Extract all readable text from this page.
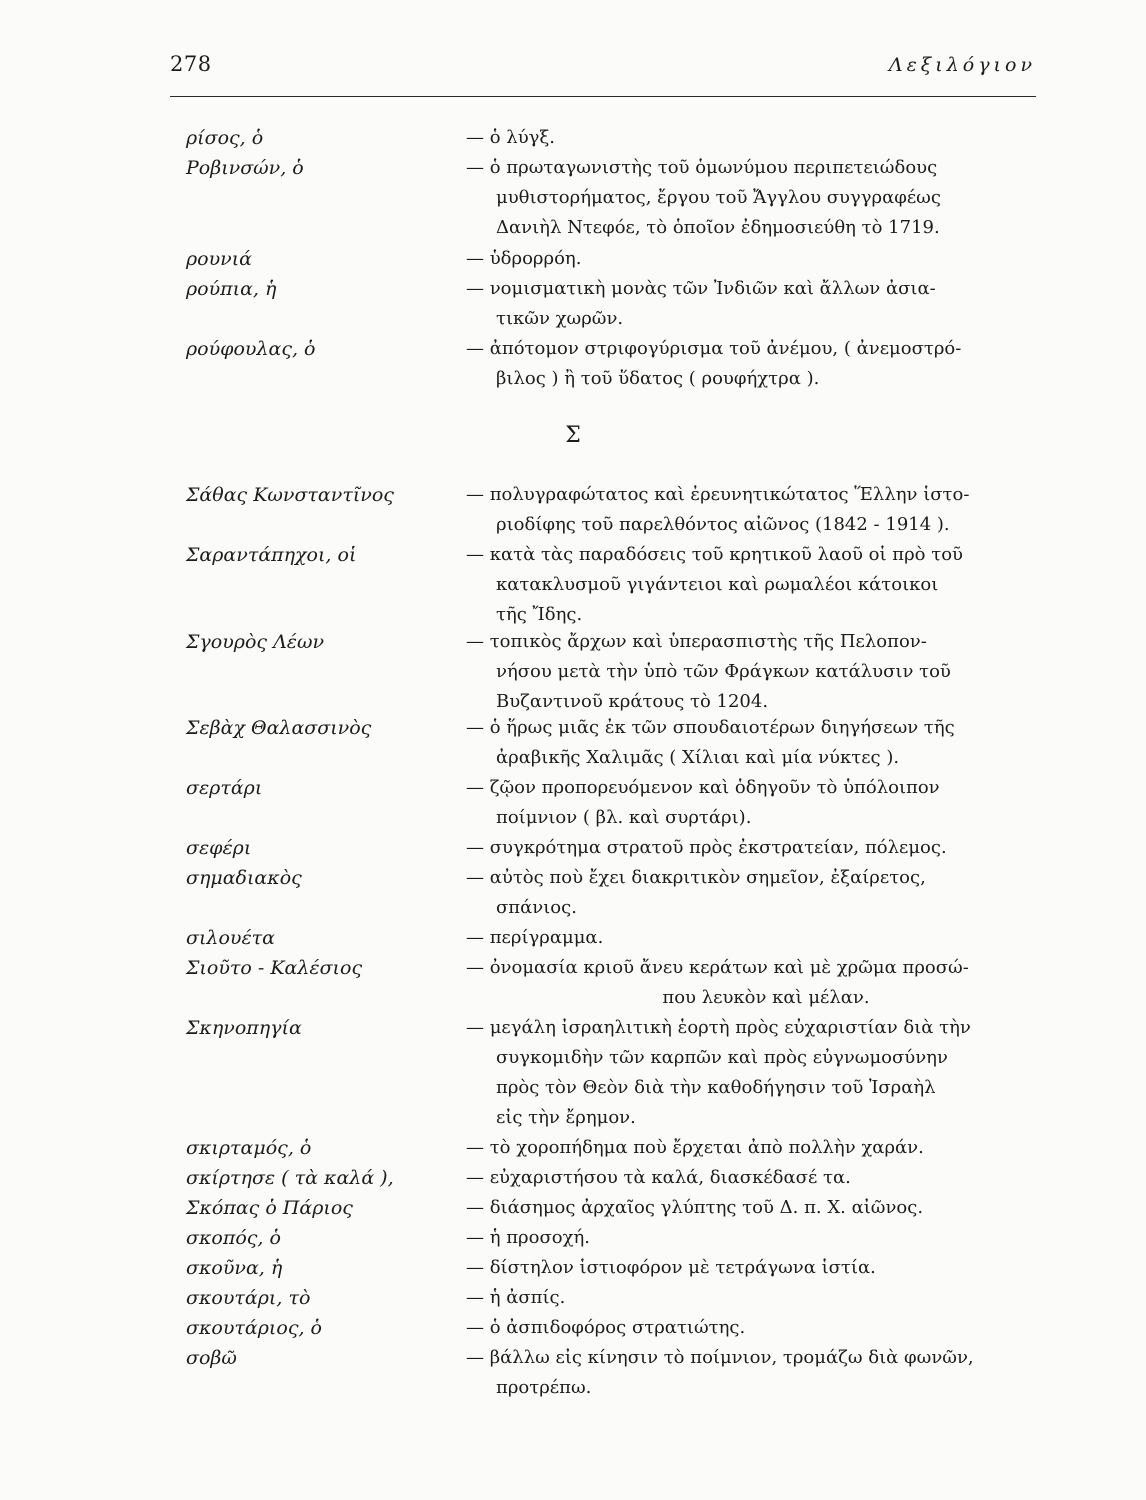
278	Λεξιλόγιον
Σ
ρίσος, ὁ	— ὁ λύγξ.
Ροβινσών, ὁ	— ὁ πρωταγωνιστὴς τοῦ ὁμωνύμου περιπετειώδους
μυθιστορήματος, ἔργου τοῦ Ἄγγλου συγγραφέως
Δανιὴλ Ντεφόε, τὸ ὁποῖον ἐδημοσιεύθη τὸ 1719.
ρουνιά	— ὑδρορρόη.
ρούπια, ἡ	— νομισματικὴ μονὰς τῶν Ἰνδιῶν καὶ ἄλλων ἀσια-
τικῶν χωρῶν.
ρούφουλας, ὁ	— ἀπότομον στριφογύρισμα τοῦ ἀνέμου, ( ἀνεμοστρό-
βιλος ) ἢ τοῦ ὕδατος ( ρουφήχτρα ).
Σάθας Κωνσταντῖνος	— πολυγραφώτατος καὶ ἐρευνητικώτατος Ἕλλην ἱστο-
ριοδίφης τοῦ παρελθόντος αἰῶνος (1842 - 1914 ).
Σαραντάπηχοι, οἱ	— κατὰ τὰς παραδόσεις τοῦ κρητικοῦ λαοῦ οἱ πρὸ τοῦ
κατακλυσμοῦ γιγάντειοι καὶ ρωμαλέοι κάτοικοι
τῆς Ἴδης.
Σγουρὸς Λέων	— τοπικὸς ἄρχων καὶ ὑπερασπιστὴς τῆς Πελοπον-
νήσου μετὰ τὴν ὑπὸ τῶν Φράγκων κατάλυσιν τοῦ
Βυζαντινοῦ κράτους τὸ 1204.
Σεβὰχ Θαλασσινὸς	— ὁ ἥρως μιᾶς ἐκ τῶν σπουδαιοτέρων διηγήσεων τῆς
ἀραβικῆς Χαλιμᾶς ( Χίλιαι καὶ μία νύκτες ).
σερτάρι	— ζῷον προπορευόμενον καὶ ὁδηγοῦν τὸ ὑπόλοιπον
ποίμνιον ( βλ. καὶ συρτάρι).
σεφέρι	— συγκρότημα στρατοῦ πρὸς ἐκστρατείαν, πόλεμος.
σημαδιακὸς	— αὐτὸς ποὺ ἔχει διακριτικὸν σημεῖον, ἐξαίρετος,
σπάνιος.
σιλουέτα	— περίγραμμα.
Σιοῦτο - Καλέσιος	— ὀνομασία κριοῦ ἄνευ κεράτων καὶ μὲ χρῶμα προσώ-
που λευκὸν καὶ μέλαν.
Σκηνοπηγία	— μεγάλη ἰσραηλιτικὴ ἑορτὴ πρὸς εὐχαριστίαν διὰ τὴν
συγκομιδὴν τῶν καρπῶν καὶ πρὸς εὐγνωμοσύνην
πρὸς τὸν Θεὸν διὰ τὴν καθοδήγησιν τοῦ Ἰσραὴλ
εἰς τὴν ἔρημον.
σκιρταμός, ὁ	— τὸ χοροπήδημα ποὺ ἔρχεται ἀπὸ πολλὴν χαράν.
σκίρτησε ( τὰ καλά ),	— εὐχαριστήσου τὰ καλά, διασκέδασέ τα.
Σκόπας ὁ Πάριος	— διάσημος ἀρχαῖος γλύπτης τοῦ Δ. π. Χ. αἰῶνος.
σκοπός, ὁ	— ἡ προσοχή.
σκοῦνα, ἡ	— δίστηλον ἱστιοφόρον μὲ τετράγωνα ἱστία.
σκουτάρι, τὸ	— ἡ ἀσπίς.
σκουτάριος, ὁ	— ὁ ἀσπιδοφόρος στρατιώτης.
σοβῶ	— βάλλω εἰς κίνησιν τὸ ποίμνιον, τρομάζω διὰ φωνῶν,
προτρέπω.
